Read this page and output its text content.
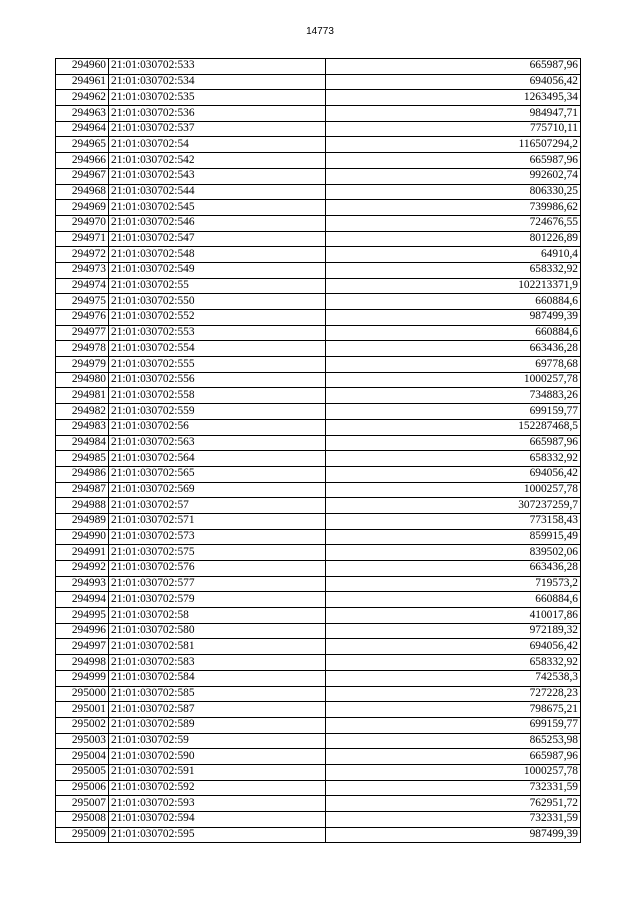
14773
294960	21:01:030702:533	665987,96
294961	21:01:030702:534	694056,42
294962	21:01:030702:535	1263495,34
294963	21:01:030702:536	984947,71
294964	21:01:030702:537	775710,11
294965	21:01:030702:54	116507294,2
294966	21:01:030702:542	665987,96
294967	21:01:030702:543	992602,74
294968	21:01:030702:544	806330,25
294969	21:01:030702:545	739986,62
294970	21:01:030702:546	724676,55
294971	21:01:030702:547	801226,89
294972	21:01:030702:548	64910,4
294973	21:01:030702:549	658332,92
294974	21:01:030702:55	102213371,9
294975	21:01:030702:550	660884,6
294976	21:01:030702:552	987499,39
294977	21:01:030702:553	660884,6
294978	21:01:030702:554	663436,28
294979	21:01:030702:555	69778,68
294980	21:01:030702:556	1000257,78
294981	21:01:030702:558	734883,26
294982	21:01:030702:559	699159,77
294983	21:01:030702:56	152287468,5
294984	21:01:030702:563	665987,96
294985	21:01:030702:564	658332,92
294986	21:01:030702:565	694056,42
294987	21:01:030702:569	1000257,78
294988	21:01:030702:57	307237259,7
294989	21:01:030702:571	773158,43
294990	21:01:030702:573	859915,49
294991	21:01:030702:575	839502,06
294992	21:01:030702:576	663436,28
294993	21:01:030702:577	719573,2
294994	21:01:030702:579	660884,6
294995	21:01:030702:58	410017,86
294996	21:01:030702:580	972189,32
294997	21:01:030702:581	694056,42
294998	21:01:030702:583	658332,92
294999	21:01:030702:584	742538,3
295000	21:01:030702:585	727228,23
295001	21:01:030702:587	798675,21
295002	21:01:030702:589	699159,77
295003	21:01:030702:59	865253,98
295004	21:01:030702:590	665987,96
295005	21:01:030702:591	1000257,78
295006	21:01:030702:592	732331,59
295007	21:01:030702:593	762951,72
295008	21:01:030702:594	732331,59
295009	21:01:030702:595	987499,39
